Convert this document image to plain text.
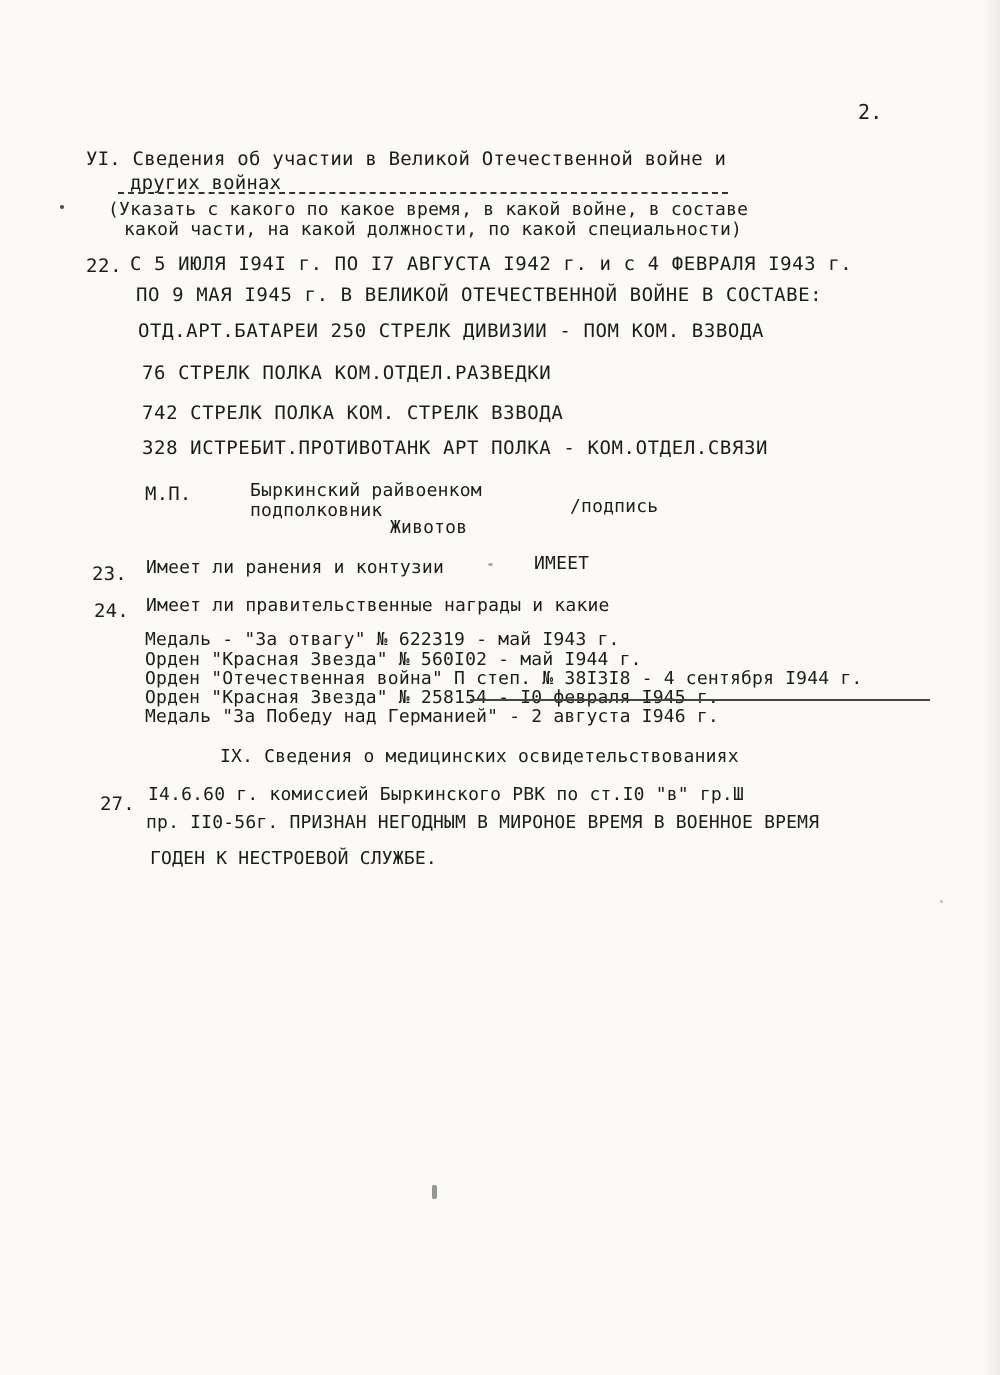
2.
УI. Сведения об участии в Великой Отечественной войне и
других войнах
(Указать с какого по какое время, в какой войне, в составе
какой части, на какой должности, по какой специальности)
22. С 5 ИЮЛЯ I94I г. ПО I7 АВГУСТА I942 г. и с 4 ФЕВРАЛЯ I943 г.
ПО 9 МАЯ I945 г. В ВЕЛИКОЙ ОТЕЧЕСТВЕННОЙ ВОЙНЕ В СОСТАВЕ:
ОТД.АРТ.БАТАРЕИ 250 СТРЕЛК ДИВИЗИИ - ПОМ КОМ. ВЗВОДА
76 СТРЕЛК ПОЛКА КОМ.ОТДЕЛ.РАЗВЕДКИ
742 СТРЕЛК ПОЛКА КОМ. СТРЕЛК ВЗВОДА
328 ИСТРЕБИТ.ПРОТИВОТАНК АРТ ПОЛКА - КОМ.ОТДЕЛ.СВЯЗИ
М.П.	Быркинский райвоенком
подполковник
Животов
/подпись
23. Имеет ли ранения и контузии	ИМЕЕТ
24. Имеет ли правительственные награды и какие
Медаль - "За отвагу" № 622319 - май I943 г.
Орден "Красная Звезда" № 560I02 - май I944 г.
Орден "Отечественная война" П степ. № 38I3I8 - 4 сентября I944 г.
Орден "Красная Звезда" № 258154 - I0 февраля I945 г.
Медаль "За Победу над Германией" - 2 августа I946 г.
IX. Сведения о медицинских освидетельствованиях
27. I4.6.60 г. комиссией Быркинского РВК по ст.I0 "в" гр.Ш
пр. II0-56г. ПРИЗНАН НЕГОДНЫМ В МИРОНОЕ ВРЕМЯ В ВОЕННОЕ ВРЕМЯ
ГОДЕН К НЕСТРОЕВОЙ СЛУЖБЕ.
